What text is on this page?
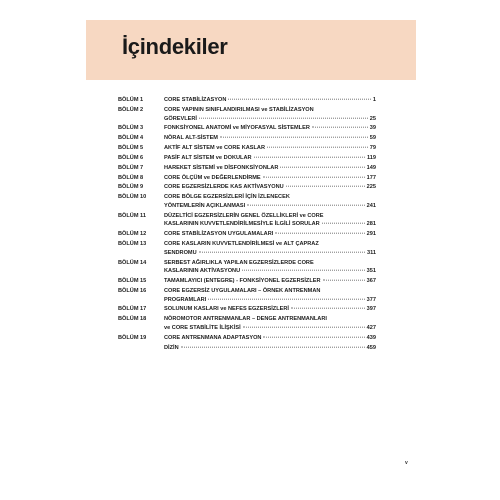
İçindekiler
BÖLÜM 1	CORE STABİLİZASYON	1
BÖLÜM 2	CORE YAPININ SINIFLANDIRILMASI ve STABİLİZASYON
GÖREVLERİ	25
BÖLÜM 3	FONKSİYONEL ANATOMİ ve MİYOFASYAL SİSTEMLER	39
BÖLÜM 4	NÖRAL ALT-SİSTEM	59
BÖLÜM 5	AKTİF ALT SİSTEM ve CORE KASLAR	79
BÖLÜM 6	PASİF ALT SİSTEM ve DOKULAR	119
BÖLÜM 7	HAREKET SİSTEMİ ve DİSFONKSİYONLAR	149
BÖLÜM 8	CORE ÖLÇÜM ve DEĞERLENDİRME	177
BÖLÜM 9	CORE EGZERSİZLERDE KAS AKTİVASYONU	225
BÖLÜM 10	CORE BÖLGE EGZERSİZLERİ İÇİN İZLENECEK
YÖNTEMLERİN AÇIKLANMASI	241
BÖLÜM 11	DÜZELTİCİ EGZERSİZLERİN GENEL ÖZELLİKLERİ ve CORE
KASLARININ KUVVETLENDİRİLMESİYLE İLGİLİ SORULAR	281
BÖLÜM 12	CORE STABİLİZASYON UYGULAMALARI	291
BÖLÜM 13	CORE KASLARIN KUVVETLENDİRİLMESİ ve ALT ÇAPRAZ
SENDROMU	311
BÖLÜM 14	SERBEST AĞIRLIKLA YAPILAN EGZERSİZLERDE CORE
KASLARININ AKTİVASYONU	351
BÖLÜM 15	TAMAMLAYICI (ENTEGRE) - FONKSİYONEL EGZERSİZLER	367
BÖLÜM 16	CORE EGZERSİZ UYGULAMALARI – ÖRNEK ANTRENMAN
PROGRAMLARI	377
BÖLÜM 17	SOLUNUM KASLARI ve NEFES EGZERSİZLERİ	397
BÖLÜM 18	NÖROMOTOR ANTRENMANLAR – DENGE ANTRENMANLARI
ve CORE STABİLİTE İLİŞKİSİ	427
BÖLÜM 19	CORE ANTRENMANA ADAPTASYON	439
DİZİN	459
v
